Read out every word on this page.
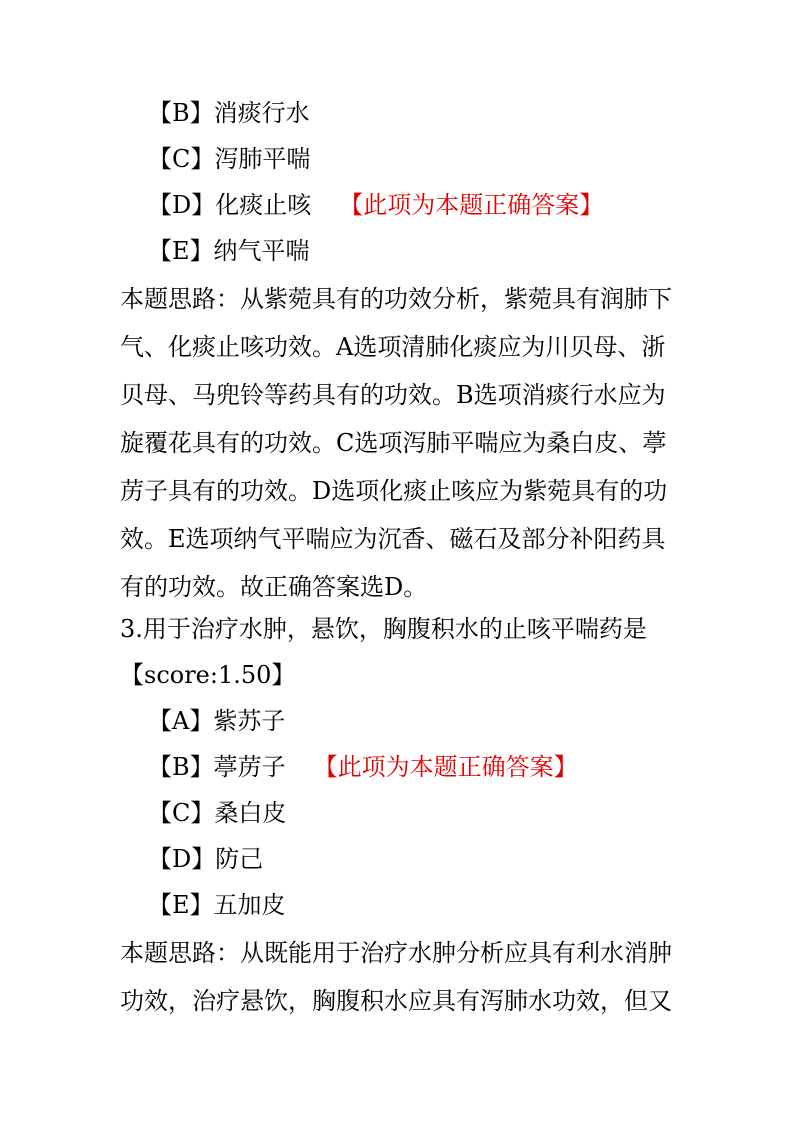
【B】消痰行水
【C】泻肺平喘
【D】化痰止咳 【此项为本题正确答案】
【E】纳气平喘
本题思路：从紫菀具有的功效分析，紫菀具有润肺下
气、化痰止咳功效。A选项清肺化痰应为川贝母、浙
贝母、马兜铃等药具有的功效。B选项消痰行水应为
旋覆花具有的功效。C选项泻肺平喘应为桑白皮、葶
苈子具有的功效。D选项化痰止咳应为紫菀具有的功
效。E选项纳气平喘应为沉香、磁石及部分补阳药具
有的功效。故正确答案选D。
3.用于治疗水肿，悬饮，胸腹积水的止咳平喘药是
【score:1.50】
【A】紫苏子
【B】葶苈子 【此项为本题正确答案】
【C】桑白皮
【D】防己
【E】五加皮
本题思路：从既能用于治疗水肿分析应具有利水消肿
功效，治疗悬饮，胸腹积水应具有泻肺水功效，但又
